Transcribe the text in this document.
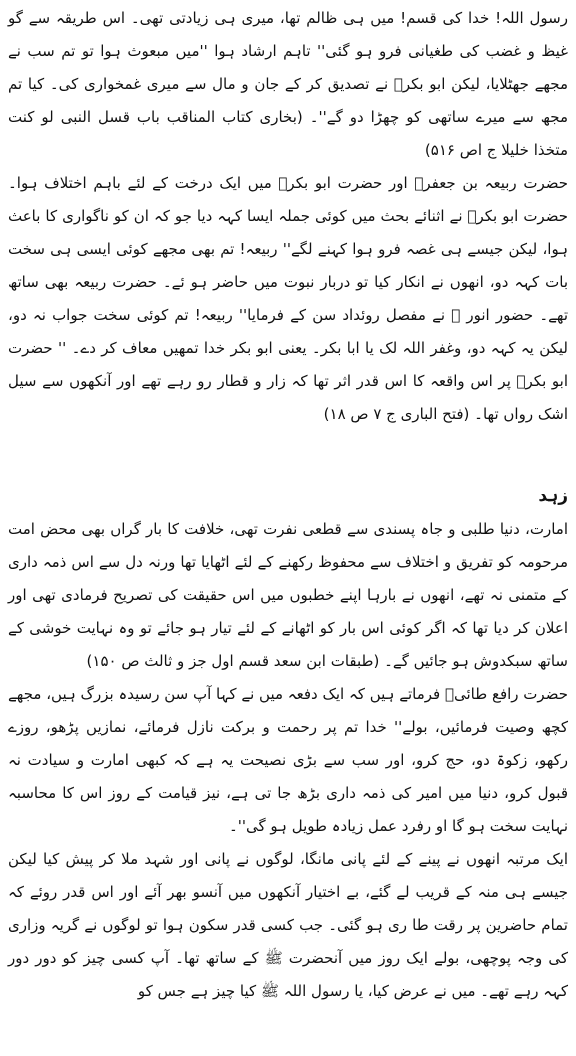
رسول اللہ! خدا کی قسم! میں ہی ظالم تھا، میری ہی زیادتی تھی۔ اس طریقہ سے گو غیظ و غضب کی طغیانی فرو ہو گئی'' تاہم ارشاد ہوا ''میں مبعوث ہوا تو تم سب نے مجھے جھٹلایا، لیکن ابو بکرؓ نے تصدیق کر کے جان و مال سے میری غمخواری کی۔ کیا تم مجھ سے میرے ساتھی کو چھڑا دو گے''۔ (بخاری کتاب المناقب باب قسل النبی لو کنت متخذا خلیلا ج اص ۵۱۶)

حضرت ربیعہ بن جعفرؓ اور حضرت ابو بکرؓ میں ایک درخت کے لئے باہم اختلاف ہوا۔ حضرت ابو بکرؓ نے اثنائے بحث میں کوئی جملہ ایسا کہہ دیا جو کہ ان کو ناگواری کا باعث ہوا، لیکن جیسے ہی غصہ فرو ہوا کہنے لگے'' ربیعہ! تم بھی مجھے کوئی ایسی ہی سخت بات کہہ دو، انھوں نے انکار کیا تو دربار نبوت میں حاضر ہو ئے۔ حضرت ربیعہ بھی ساتھ تھے۔ حضور انور ﷺ نے مفصل روئداد سن کے فرمایا'' ربیعہ! تم کوئی سخت جواب نہ دو، لیکن یہ کہہ دو، وغفر اللہ لک یا ابا بکر۔ یعنی ابو بکر خدا تمھیں معاف کر دے۔ '' حضرت ابو بکرؓ پر اس واقعہ کا اس قدر اثر تھا کہ زار و قطار رو رہے تھے اور آنکھوں سے سیل اشک رواں تھا۔ (فتح الباری ج ۷ ص ۱۸)

زہد

امارت، دنیا طلبی و جاہ پسندی سے قطعی نفرت تھی، خلافت کا بار گراں بھی محض امت مرحومہ کو تفریق و اختلاف سے محفوظ رکھنے کے لئے اٹھایا تھا ورنہ دل سے اس ذمہ داری کے متمنی نہ تھے، انھوں نے بارہا اپنے خطبوں میں اس حقیقت کی تصریح فرمادی تھی اور اعلان کر دیا تھا کہ اگر کوئی اس بار کو اٹھانے کے لئے تیار ہو جائے تو وہ نہایت خوشی کے ساتھ سبکدوش ہو جائیں گے۔ (طبقات ابن سعد قسم اول جز و ثالث ص ۱۵۰)

حضرت رافع طائیؓ فرماتے ہیں کہ ایک دفعہ میں نے کہا آپ سن رسیدہ بزرگ ہیں، مجھے کچھ وصیت فرمائیں، بولے'' خدا تم پر رحمت و برکت نازل فرمائے، نمازیں پڑھو، روزے رکھو، زکوۃ دو، حج کرو، اور سب سے بڑی نصیحت یہ ہے کہ کبھی امارت و سیادت نہ قبول کرو، دنیا میں امیر کی ذمہ داری بڑھ جا تی ہے، نیز قیامت کے روز اس کا محاسبہ نہایت سخت ہو گا او رفرد عمل زیادہ طویل ہو گی''۔

ایک مرتبہ انھوں نے پینے کے لئے پانی مانگا، لوگوں نے پانی اور شہد ملا کر پیش کیا لیکن جیسے ہی منہ کے قریب لے گئے، بے اختیار آنکھوں میں آنسو بھر آئے اور اس قدر روئے کہ تمام حاضرین پر رقت طا ری ہو گئی۔ جب کسی قدر سکون ہوا تو لوگوں نے گریہ وزاری کی وجہ پوچھی، بولے ایک روز میں آنحضرت ﷺ کے ساتھ تھا۔ آپ کسی چیز کو دور دور کہہ رہے تھے۔ میں نے عرض کیا، یا رسول اللہ ﷺ کیا چیز ہے جس کو
